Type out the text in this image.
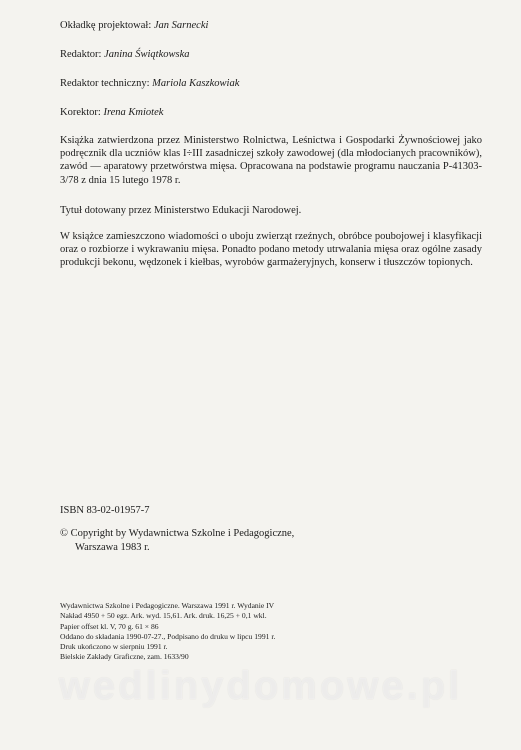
Okładkę projektował: Jan Sarnecki
Redaktor: Janina Świątkowska
Redaktor techniczny: Mariola Kaszkowiak
Korektor: Irena Kmiotek
Książka zatwierdzona przez Ministerstwo Rolnictwa, Leśnictwa i Gospodarki Żywnościowej jako podręcznik dla uczniów klas I÷III zasadniczej szkoły zawodowej (dla młodocianych pracowników), zawód — aparatowy przetwórstwa mięsa. Opracowana na podstawie programu nauczania P-41303-3/78 z dnia 15 lutego 1978 r.
Tytuł dotowany przez Ministerstwo Edukacji Narodowej.
W książce zamieszczono wiadomości o uboju zwierząt rzeźnych, obróbce poubojowej i klasyfikacji oraz o rozbiorze i wykrawaniu mięsa. Ponadto podano metody utrwalania mięsa oraz ogólne zasady produkcji bekonu, wędzonek i kiełbas, wyrobów garmażeryjnych, konserw i tłuszczów topionych.
ISBN 83-02-01957-7
© Copyright by Wydawnictwa Szkolne i Pedagogiczne,
Warszawa 1983 r.
Wydawnictwa Szkolne i Pedagogiczne. Warszawa 1991 r. Wydanie IV
Nakład 4950 + 50 egz. Ark. wyd. 15,61. Ark. druk. 16,25 + 0,1 wkl.
Papier offset kl. V, 70 g. 61 × 86
Oddano do składania 1990-07-27., Podpisano do druku w lipcu 1991 r.
Druk ukończono w sierpniu 1991 r.
Bielskie Zakłady Graficzne, zam. 1633/90
wedlinydomowe.pl
